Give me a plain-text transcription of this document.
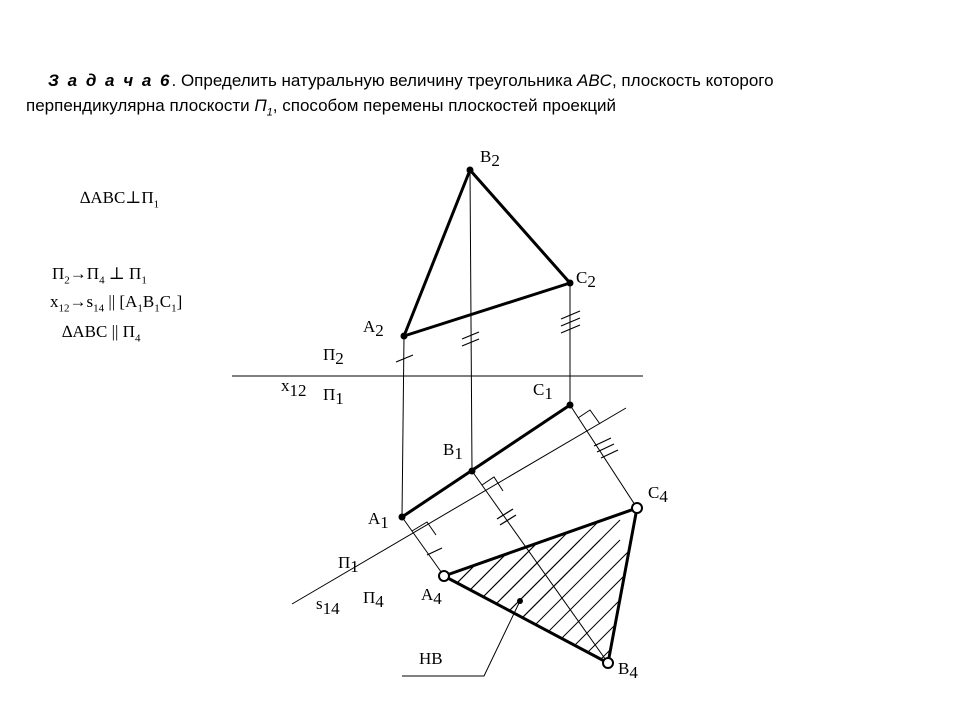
З а д а ч а 6. Определить натуральную величину треугольника ABC, плоскость которого
перпендикулярна плоскости $П_1$, способом перемены плоскостей проекций
$\Delta ABC\perp П_1$
$П_2\to П_4$ ⊥ $П_1$
$x_{12}\to s_{14}$ || $[A_1B_1C_1]$
∆ABC || $П_4$
B2
C2
A2
П2
x12 П1	C1
B1
A1
C4
П1
A4
s14
П4
НВ
B4
